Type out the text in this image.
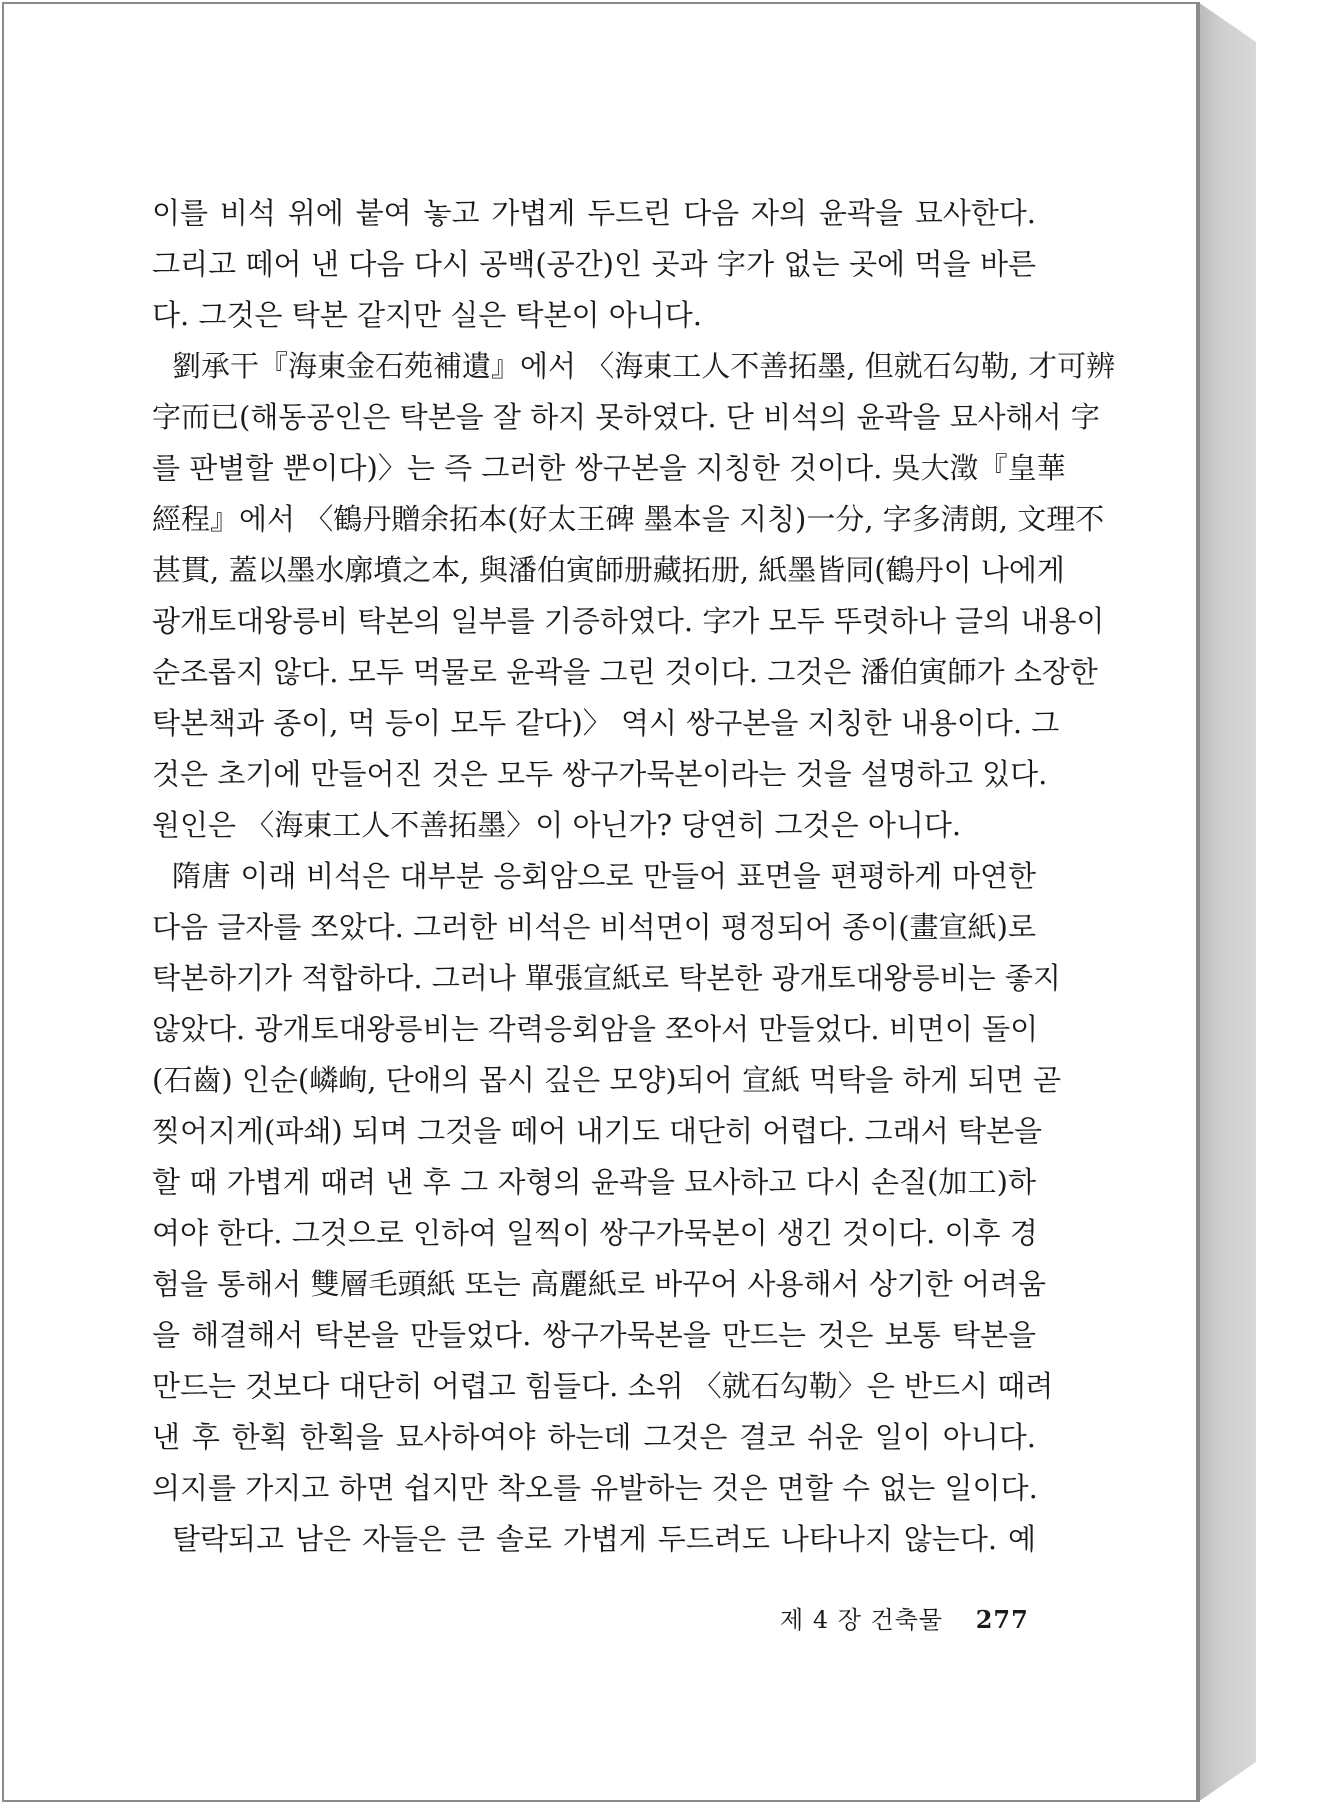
이를 비석 위에 붙여 놓고 가볍게 두드린 다음 자의 윤곽을 묘사한다.
그리고 떼어 낸 다음 다시 공백(공간)인 곳과 字가 없는 곳에 먹을 바른
다. 그것은 탁본 같지만 실은 탁본이 아니다.
劉承干『海東金石苑補遺』에서 〈海東工人不善拓墨, 但就石勾勒, 才可辨
字而已(해동공인은 탁본을 잘 하지 못하였다. 단 비석의 윤곽을 묘사해서 字
를 판별할 뿐이다)〉는 즉 그러한 쌍구본을 지칭한 것이다. 吳大澂『皇華
經程』에서 〈鶴丹贈余拓本(好太王碑 墨本을 지칭)一分, 字多淸朗, 文理不
甚貫, 蓋以墨水廓墳之本, 與潘伯寅師册藏拓册, 紙墨皆同(鶴丹이 나에게
광개토대왕릉비 탁본의 일부를 기증하였다. 字가 모두 뚜렷하나 글의 내용이
순조롭지 않다. 모두 먹물로 윤곽을 그린 것이다. 그것은 潘伯寅師가 소장한
탁본책과 종이, 먹 등이 모두 같다)〉 역시 쌍구본을 지칭한 내용이다. 그
것은 초기에 만들어진 것은 모두 쌍구가묵본이라는 것을 설명하고 있다.
원인은 〈海東工人不善拓墨〉이 아닌가? 당연히 그것은 아니다.
隋唐 이래 비석은 대부분 응회암으로 만들어 표면을 편평하게 마연한
다음 글자를 쪼았다. 그러한 비석은 비석면이 평정되어 종이(畫宣紙)로
탁본하기가 적합하다. 그러나 單張宣紙로 탁본한 광개토대왕릉비는 좋지
않았다. 광개토대왕릉비는 각력응회암을 쪼아서 만들었다. 비면이 돌이
(石齒) 인순(嶙峋, 단애의 몹시 깊은 모양)되어 宣紙 먹탁을 하게 되면 곧
찢어지게(파쇄) 되며 그것을 떼어 내기도 대단히 어렵다. 그래서 탁본을
할 때 가볍게 때려 낸 후 그 자형의 윤곽을 묘사하고 다시 손질(加工)하
여야 한다. 그것으로 인하여 일찍이 쌍구가묵본이 생긴 것이다. 이후 경
험을 통해서 雙層毛頭紙 또는 高麗紙로 바꾸어 사용해서 상기한 어려움
을 해결해서 탁본을 만들었다. 쌍구가묵본을 만드는 것은 보통 탁본을
만드는 것보다 대단히 어렵고 힘들다. 소위 〈就石勾勒〉은 반드시 때려
낸 후 한획 한획을 묘사하여야 하는데 그것은 결코 쉬운 일이 아니다.
의지를 가지고 하면 쉽지만 착오를 유발하는 것은 면할 수 없는 일이다.
탈락되고 남은 자들은 큰 솔로 가볍게 두드려도 나타나지 않는다. 예
제 4 장 건축물 277
